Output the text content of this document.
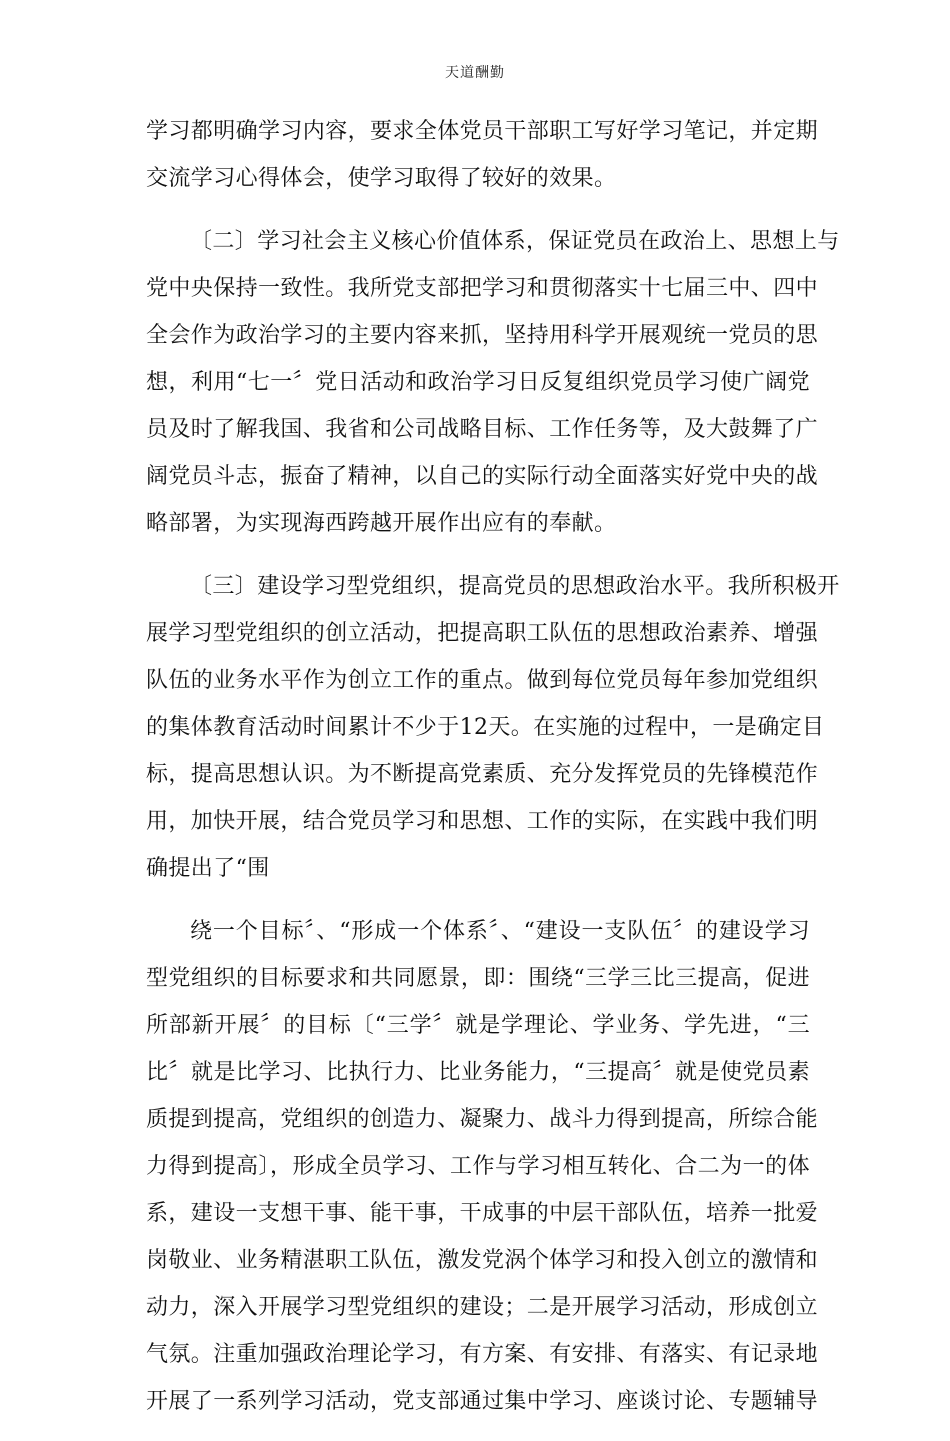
天道酬勤
学习都明确学习内容，要求全体党员干部职工写好学习笔记，并定期
交流学习心得体会，使学习取得了较好的效果。
〔二〕学习社会主义核心价值体系，保证党员在政治上、思想上与
党中央保持一致性。我所党支部把学习和贯彻落实十七届三中、四中
全会作为政治学习的主要内容来抓，坚持用科学开展观统一党员的思
想，利用“七一〞党日活动和政治学习日反复组织党员学习使广阔党
员及时了解我国、我省和公司战略目标、工作任务等，及大鼓舞了广
阔党员斗志，振奋了精神，以自己的实际行动全面落实好党中央的战
略部署，为实现海西跨越开展作出应有的奉献。
〔三〕建设学习型党组织，提高党员的思想政治水平。我所积极开
展学习型党组织的创立活动，把提高职工队伍的思想政治素养、增强
队伍的业务水平作为创立工作的重点。做到每位党员每年参加党组织
的集体教育活动时间累计不少于12天。在实施的过程中，一是确定目
标，提高思想认识。为不断提高党素质、充分发挥党员的先锋模范作
用，加快开展，结合党员学习和思想、工作的实际，在实践中我们明
确提出了“围
绕一个目标〞、“形成一个体系〞、“建设一支队伍〞的建设学习
型党组织的目标要求和共同愿景，即：围绕“三学三比三提高，促进
所部新开展〞的目标〔“三学〞就是学理论、学业务、学先进，“三
比〞就是比学习、比执行力、比业务能力，“三提高〞就是使党员素
质提到提高，党组织的创造力、凝聚力、战斗力得到提高，所综合能
力得到提高〕，形成全员学习、工作与学习相互转化、合二为一的体
系，建设一支想干事、能干事，干成事的中层干部队伍，培养一批爱
岗敬业、业务精湛职工队伍，激发党涡个体学习和投入创立的激情和
动力，深入开展学习型党组织的建设；二是开展学习活动，形成创立
气氛。注重加强政治理论学习，有方案、有安排、有落实、有记录地
开展了一系列学习活动，党支部通过集中学习、座谈讨论、专题辅导
